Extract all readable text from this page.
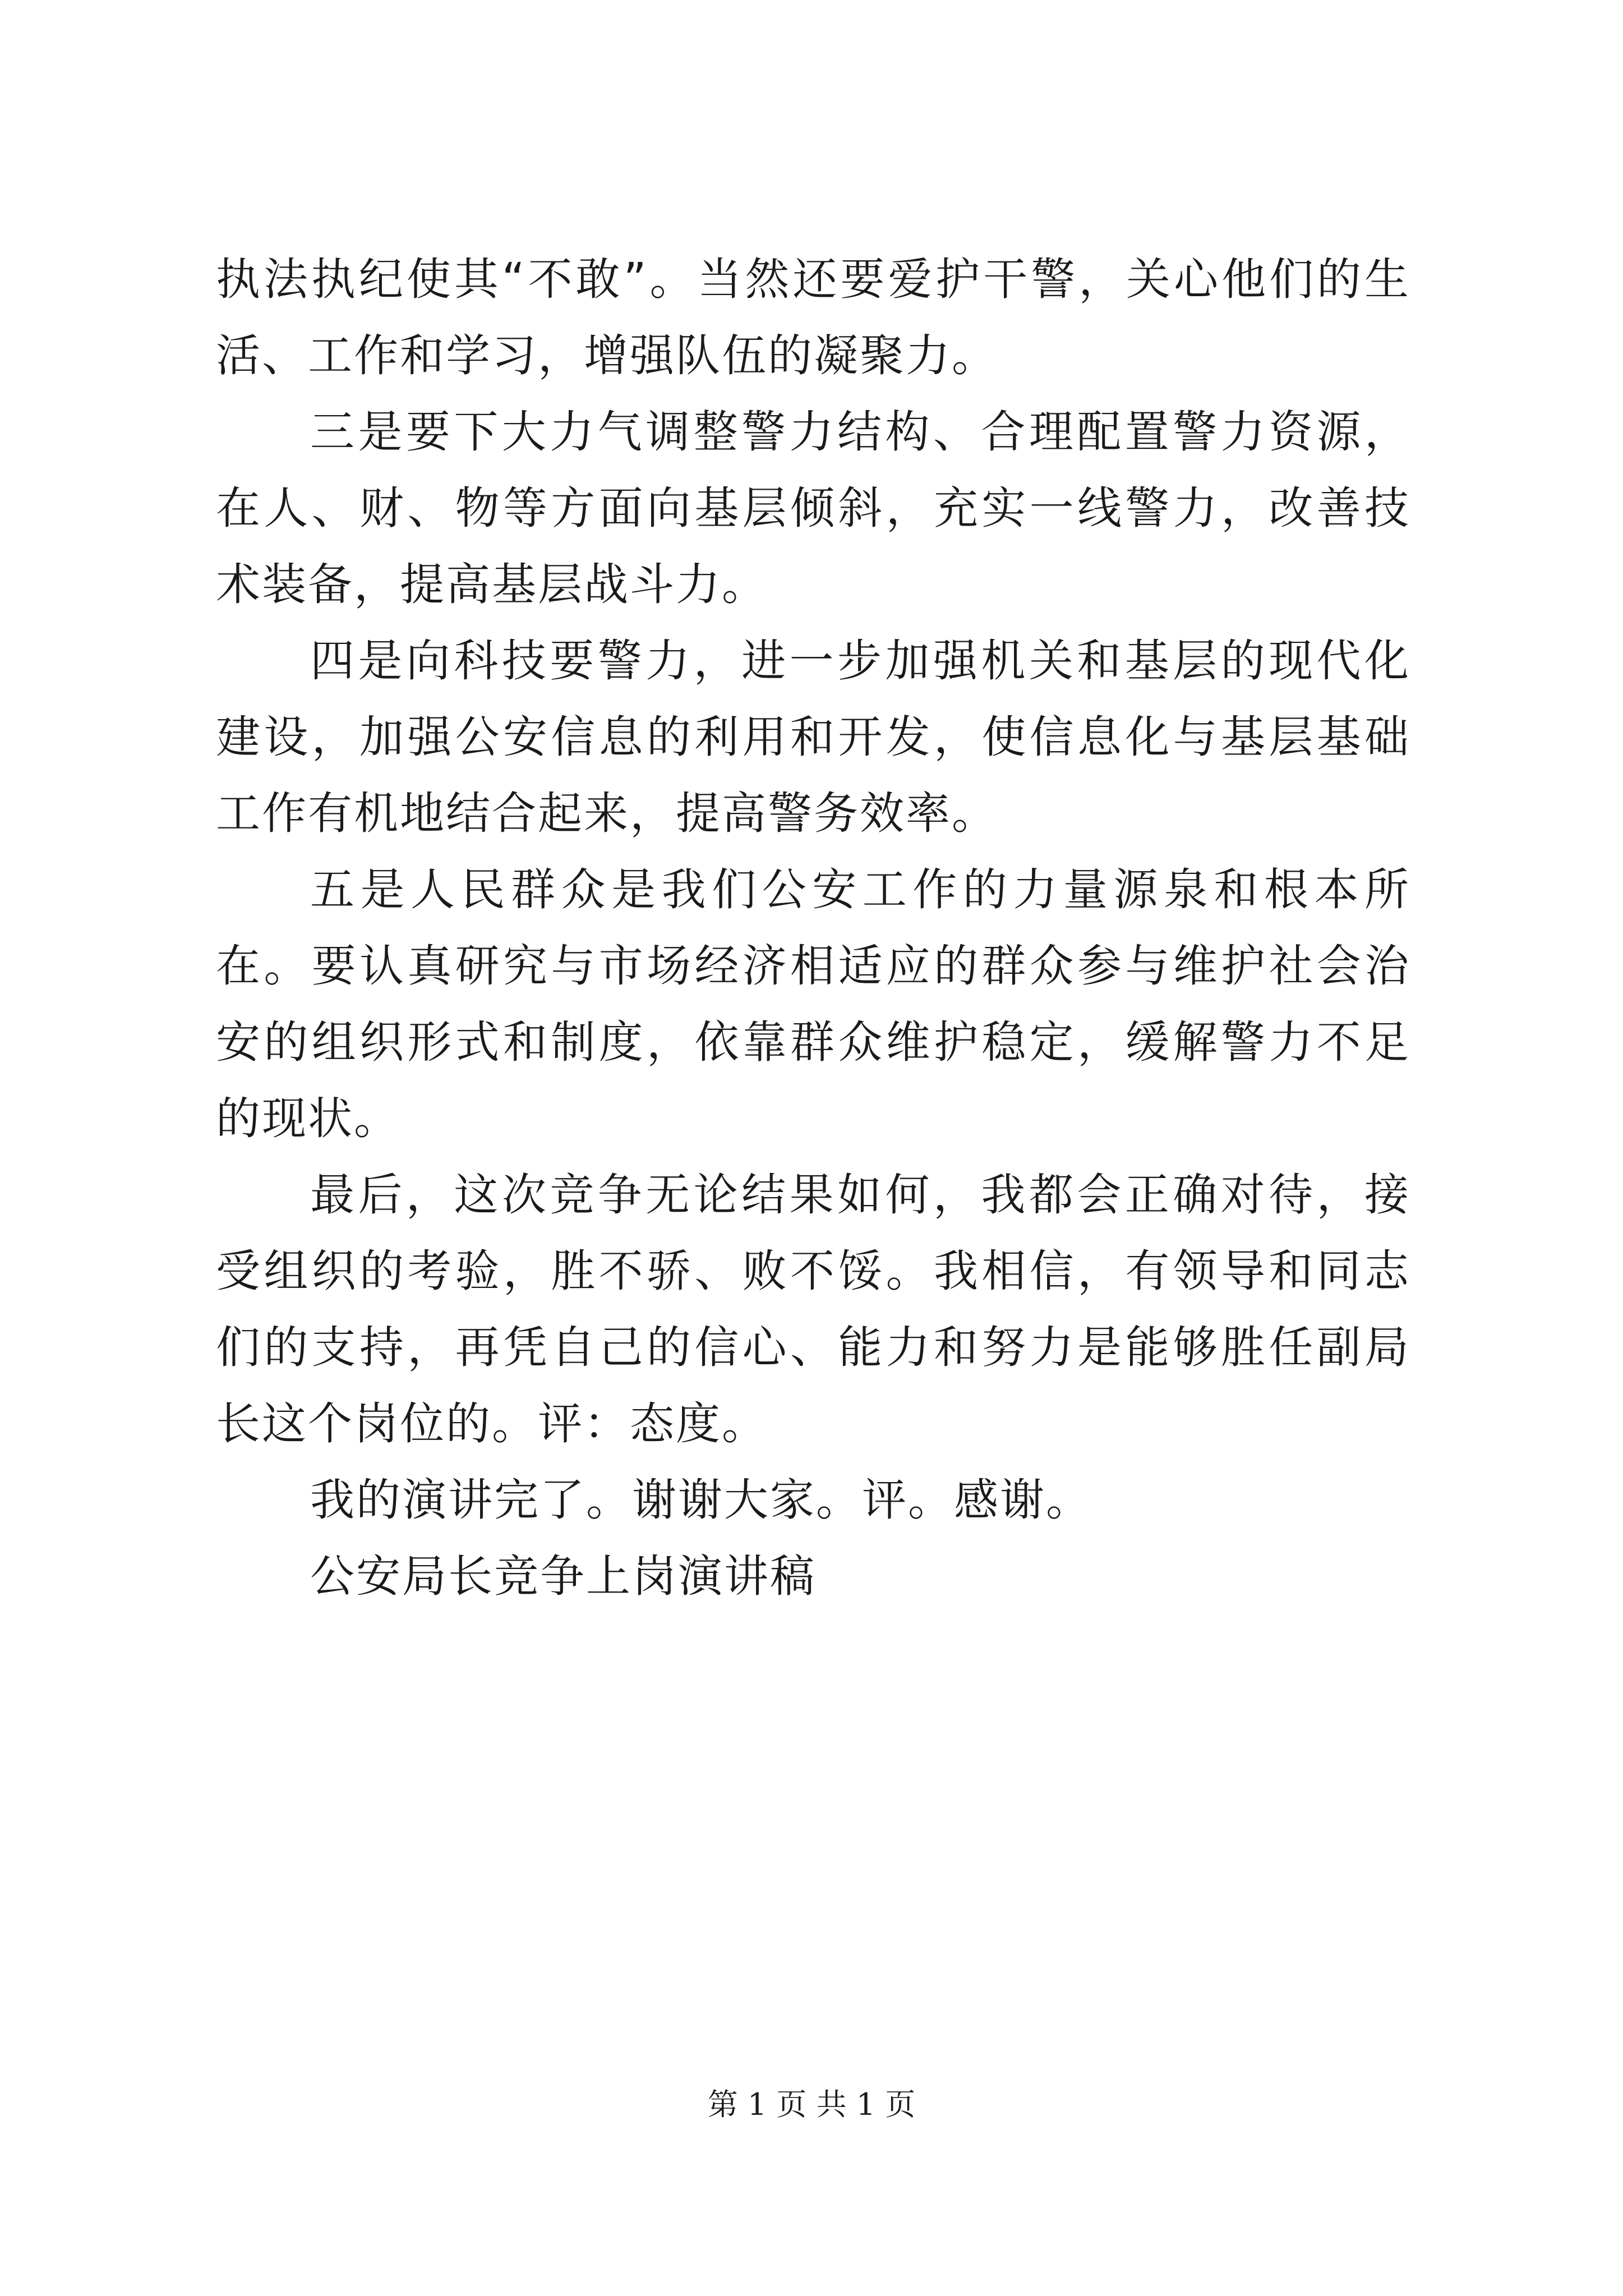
执法执纪使其“不敢”。当然还要爱护干警，关心他们的生活、工作和学习，增强队伍的凝聚力。

三是要下大力气调整警力结构、合理配置警力资源，在人、财、物等方面向基层倾斜，充实一线警力，改善技术装备，提高基层战斗力。

四是向科技要警力，进一步加强机关和基层的现代化建设，加强公安信息的利用和开发，使信息化与基层基础工作有机地结合起来，提高警务效率。

五是人民群众是我们公安工作的力量源泉和根本所在。要认真研究与市场经济相适应的群众参与维护社会治安的组织形式和制度，依靠群众维护稳定，缓解警力不足的现状。

最后，这次竞争无论结果如何，我都会正确对待，接受组织的考验，胜不骄、败不馁。我相信，有领导和同志们的支持，再凭自己的信心、能力和努力是能够胜任副局长这个岗位的。评：态度。

我的演讲完了。谢谢大家。评。感谢。

公安局长竞争上岗演讲稿

第 1 页 共 1 页
